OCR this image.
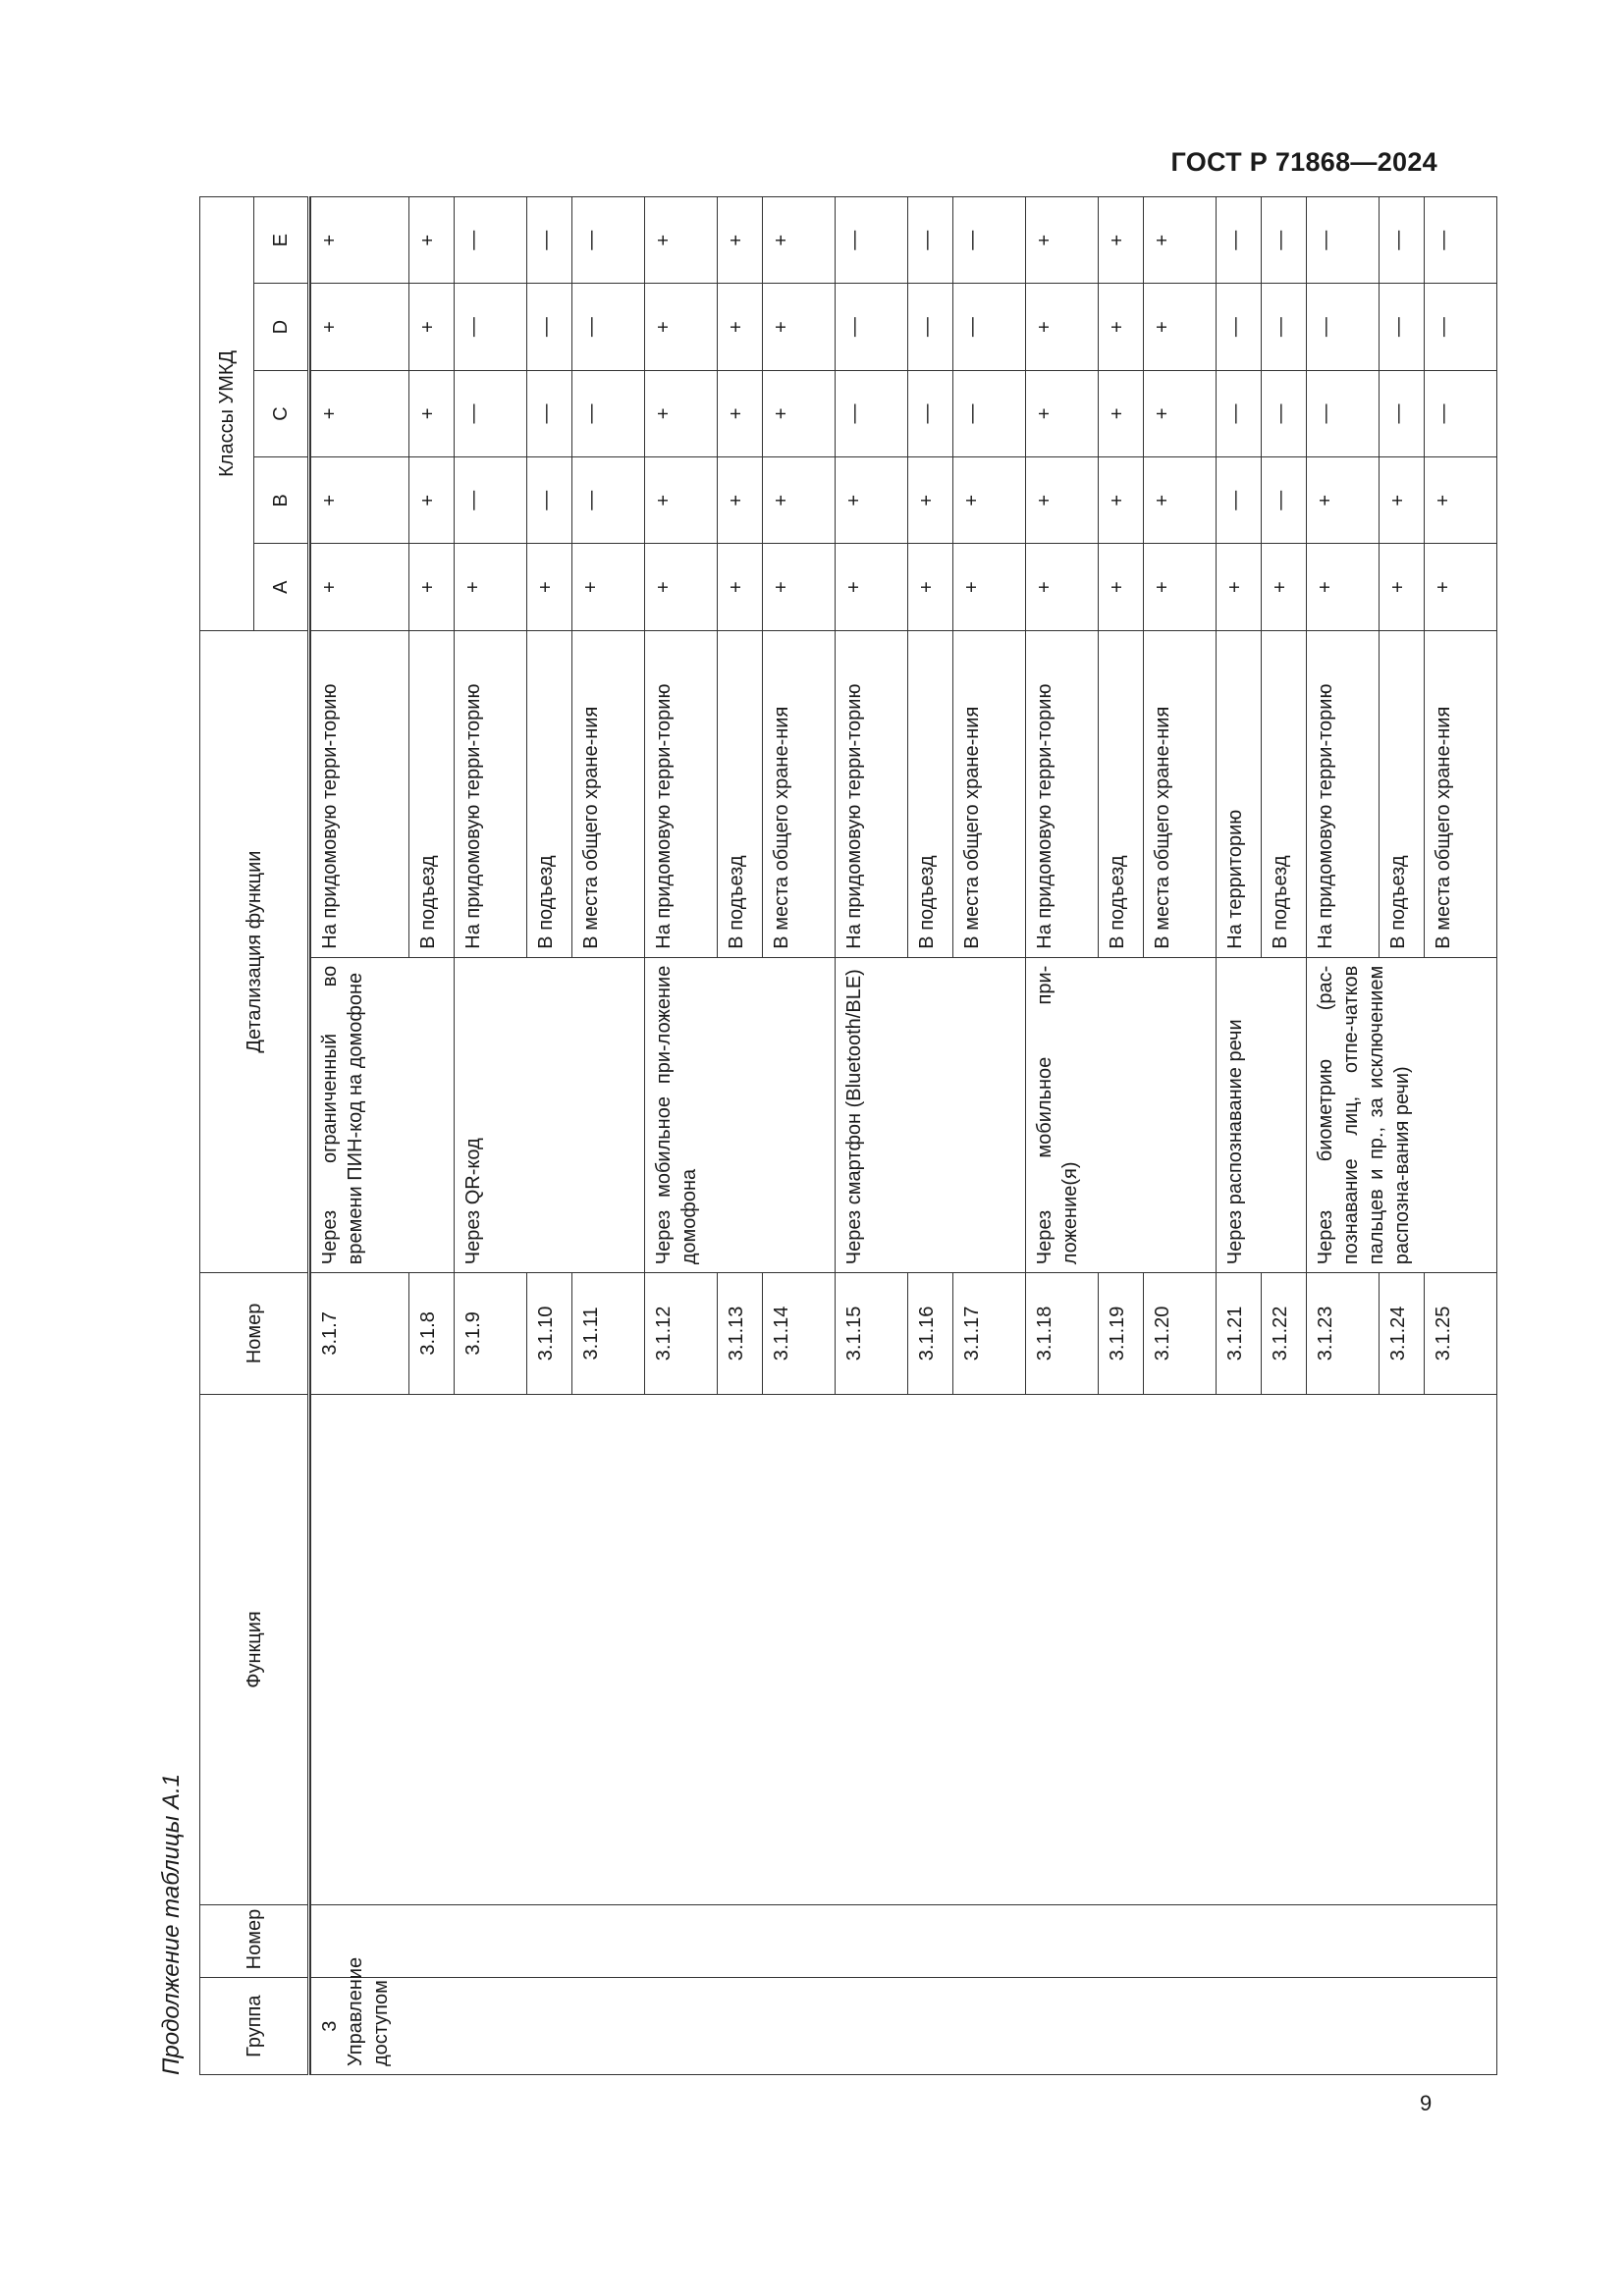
ГОСТ Р 71868—2024
Продолжение таблицы А.1	Группа	Номер	Функция	Номер	Детализация функции		Классы УМКД				
						A	B	C	D	E

3 Управление доступом			3.1.7	Через ограниченный во времени ПИН-код на домофоне	На придомовую терри-торию	+	+	+	+	+
			3.1.8		В подъезд	+	+	+	+	+
			3.1.9	Через QR-код	На придомовую терри-торию	+	—	—	—	—
			3.1.10		В подъезд	+	—	—	—	—
			3.1.11		В места общего хране-ния	+	—	—	—	—
			3.1.12	Через мобильное при-ложение домофона	На придомовую терри-торию	+	+	+	+	+
			3.1.13		В подъезд	+	+	+	+	+
			3.1.14		В места общего хране-ния	+	+	+	+	+
			3.1.15	Через смартфон (Bluetooth/BLE)	На придомовую терри-торию	+	+	—	—	—
			3.1.16		В подъезд	+	+	—	—	—
			3.1.17		В места общего хране-ния	+	+	—	—	—
			3.1.18	Через мобильное при-ложение(я)	На придомовую терри-торию	+	+	+	+	+
			3.1.19		В подъезд	+	+	+	+	+
			3.1.20		В места общего хране-ния	+	+	+	+	+
			3.1.21	Через распознавание речи	На территорию	+	—	—	—	—
			3.1.22		В подъезд	+	—	—	—	—
			3.1.23	Через биометрию (рас-познавание лиц, отпе-чатков пальцев и пр., за исключением распозна-вания речи)	На придомовую терри-торию	+	+	—	—	—
			3.1.24		В подъезд	+	+	—	—	—
			3.1.25		В места общего хране-ния	+	+	—	—	—
9
